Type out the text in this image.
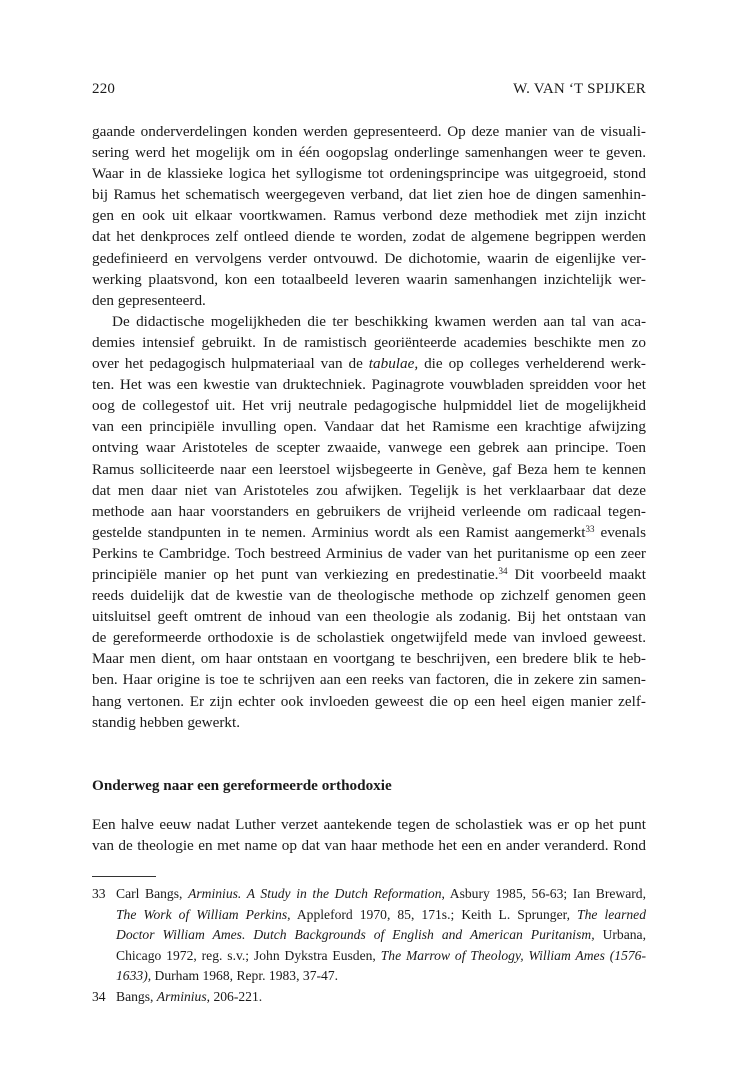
220	W. VAN ‘T SPIJKER
gaande onderverdelingen konden werden gepresenteerd. Op deze manier van de visuali-
sering werd het mogelijk om in één oogopslag onderlinge samenhangen weer te geven.
Waar in de klassieke logica het syllogisme tot ordeningsprincipe was uitgegroeid, stond
bij Ramus het schematisch weergegeven verband, dat liet zien hoe de dingen samenhin-
gen en ook uit elkaar voortkwamen. Ramus verbond deze methodiek met zijn inzicht
dat het denkproces zelf ontleed diende te worden, zodat de algemene begrippen werden
gedefinieerd en vervolgens verder ontvouwd. De dichotomie, waarin de eigenlijke ver-
werking plaatsvond, kon een totaalbeeld leveren waarin samenhangen inzichtelijk wer-
den gepresenteerd.
De didactische mogelijkheden die ter beschikking kwamen werden aan tal van aca-
demies intensief gebruikt. In de ramistisch georiënteerde academies beschikte men zo
over het pedagogisch hulpmateriaal van de tabulae, die op colleges verhelderend werk-
ten. Het was een kwestie van druktechniek. Paginagrote vouwbladen spreidden voor het
oog de collegestof uit. Het vrij neutrale pedagogische hulpmiddel liet de mogelijkheid
van een principiële invulling open. Vandaar dat het Ramisme een krachtige afwijzing
ontving waar Aristoteles de scepter zwaaide, vanwege een gebrek aan principe. Toen
Ramus solliciteerde naar een leerstoel wijsbegeerte in Genève, gaf Beza hem te kennen
dat men daar niet van Aristoteles zou afwijken. Tegelijk is het verklaarbaar dat deze
methode aan haar voorstanders en gebruikers de vrijheid verleende om radicaal tegen-
gestelde standpunten in te nemen. Arminius wordt als een Ramist aangemerkt$^{33}$ evenals
Perkins te Cambridge. Toch bestreed Arminius de vader van het puritanisme op een zeer
principiële manier op het punt van verkiezing en predestinatie.$^{34}$ Dit voorbeeld maakt
reeds duidelijk dat de kwestie van de theologische methode op zichzelf genomen geen
uitsluitsel geeft omtrent de inhoud van een theologie als zodanig. Bij het ontstaan van
de gereformeerde orthodoxie is de scholastiek ongetwijfeld mede van invloed geweest.
Maar men dient, om haar ontstaan en voortgang te beschrijven, een bredere blik te heb-
ben. Haar origine is toe te schrijven aan een reeks van factoren, die in zekere zin samen-
hang vertonen. Er zijn echter ook invloeden geweest die op een heel eigen manier zelf-
standig hebben gewerkt.
Onderweg naar een gereformeerde orthodoxie
Een halve eeuw nadat Luther verzet aantekende tegen de scholastiek was er op het punt
van de theologie en met name op dat van haar methode het een en ander veranderd. Rond
33 Carl Bangs, Arminius. A Study in the Dutch Reformation, Asbury 1985, 56-63; Ian Breward,
The Work of William Perkins, Appleford 1970, 85, 171s.; Keith L. Sprunger, The learned
Doctor William Ames. Dutch Backgrounds of English and American Puritanism, Urbana,
Chicago 1972, reg. s.v.; John Dykstra Eusden, The Marrow of Theology, William Ames (1576-
1633), Durham 1968, Repr. 1983, 37-47.
34 Bangs, Arminius, 206-221.
